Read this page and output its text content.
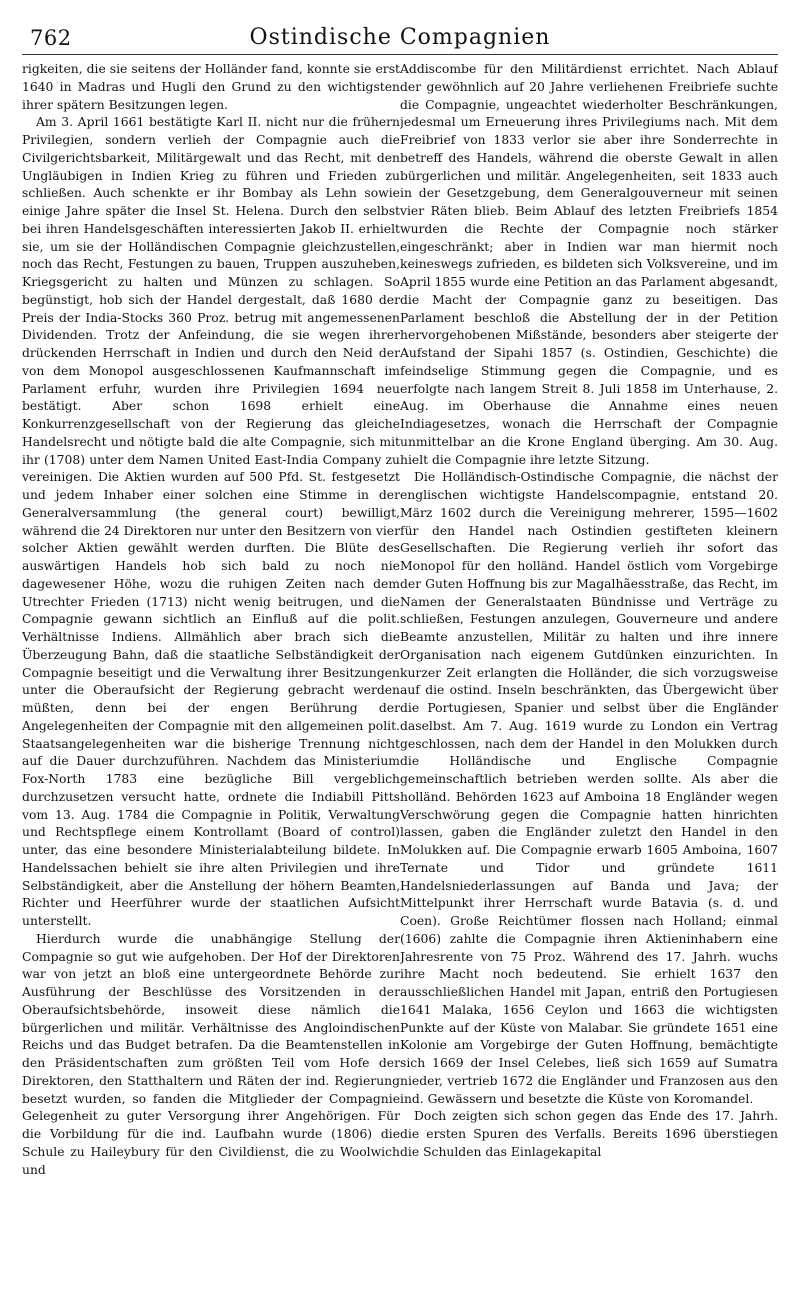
762	Ostindische Compagnien

rigkeiten, die sie seitens der Holländer fand, konnte sie erst 1640 in Madras und Hugli den Grund zu den wichtigsten ihrer spätern Besitzungen legen.

Am 3. April 1661 bestätigte Karl II. nicht nur die frühern Privilegien, sondern verlieh der Compagnie auch die Civilgerichtsbarkeit, Militärgewalt und das Recht, mit den Ungläubigen in Indien Krieg zu führen und Frieden zu schließen. Auch schenkte er ihr Bombay als Lehn sowie einige Jahre später die Insel St. Helena. Durch den selbst bei ihren Handelsgeschäften interessierten Jakob II. erhielt sie, um sie der Holländischen Compagnie gleichzustellen, noch das Recht, Festungen zu bauen, Truppen auszuheben, Kriegsgericht zu halten und Münzen zu schlagen. So begünstigt, hob sich der Handel dergestalt, daß 1680 der Preis der India-Stocks 360 Proz. betrug mit angemessenen Dividenden. Trotz der Anfeindung, die sie wegen ihrer drückenden Herrschaft in Indien und durch den Neid der von dem Monopol ausgeschlossenen Kaufmannschaft im Parlament erfuhr, wurden ihre Privilegien 1694 neu bestätigt. Aber schon 1698 erhielt eine Konkurrenzgesellschaft von der Regierung das gleiche Handelsrecht und nötigte bald die alte Compagnie, sich mit ihr (1708) unter dem Namen United East-India Company zu vereinigen. Die Aktien wurden auf 500 Pfd. St. festgesetzt und jedem Inhaber einer solchen eine Stimme in der Generalversammlung (the general court) bewilligt, während die 24 Direktoren nur unter den Besitzern von vier solcher Aktien gewählt werden durften. Die Blüte des auswärtigen Handels hob sich bald zu noch nie dagewesener Höhe, wozu die ruhigen Zeiten nach dem Utrechter Frieden (1713) nicht wenig beitrugen, und die Compagnie gewann sichtlich an Einfluß auf die polit. Verhältnisse Indiens. Allmählich aber brach sich die Überzeugung Bahn, daß die staatliche Selbständigkeit der Compagnie beseitigt und die Verwaltung ihrer Besitzungen unter die Oberaufsicht der Regierung gebracht werden müßten, denn bei der engen Berührung der Angelegenheiten der Compagnie mit den allgemeinen polit. Staatsangelegenheiten war die bisherige Trennung nicht auf die Dauer durchzuführen. Nachdem das Ministerium Fox-North 1783 eine bezügliche Bill vergeblich durchzusetzen versucht hatte, ordnete die Indiabill Pitts vom 13. Aug. 1784 die Compagnie in Politik, Verwaltung und Rechtspflege einem Kontrollamt (Board of control) unter, das eine besondere Ministerialabteilung bildete. In Handelssachen behielt sie ihre alten Privilegien und ihre Selbständigkeit, aber die Anstellung der höhern Beamten, Richter und Heerführer wurde der staatlichen Aufsicht unterstellt.

Hierdurch wurde die unabhängige Stellung der Compagnie so gut wie aufgehoben. Der Hof der Direktoren war von jetzt an bloß eine untergeordnete Behörde zur Ausführung der Beschlüsse des Vorsitzenden in der Oberaufsichtsbehörde, insoweit diese nämlich die bürgerlichen und militär. Verhältnisse des Angloindischen Reichs und das Budget betrafen. Da die Beamtenstellen in den Präsidentschaften zum größten Teil vom Hofe der Direktoren, den Statthaltern und Räten der ind. Regierung besetzt wurden, so fanden die Mitglieder der Compagnie Gelegenheit zu guter Versorgung ihrer Angehörigen. Für die Vorbildung für die ind. Laufbahn wurde (1806) die Schule zu Haileybury für den Civildienst, die zu Woolwich und

Addiscombe für den Militärdienst errichtet. Nach Ablauf der gewöhnlich auf 20 Jahre verliehenen Freibriefe suchte die Compagnie, ungeachtet wiederholter Beschränkungen, jedesmal um Erneuerung ihres Privilegiums nach. Mit dem Freibrief von 1833 verlor sie aber ihre Sonderrechte in betreff des Handels, während die oberste Gewalt in allen bürgerlichen und militär. Angelegenheiten, seit 1833 auch in der Gesetzgebung, dem Generalgouverneur mit seinen vier Räten blieb. Beim Ablauf des letzten Freibriefs 1854 wurden die Rechte der Compagnie noch stärker eingeschränkt; aber in Indien war man hiermit noch keineswegs zufrieden, es bildeten sich Volksvereine, und im April 1855 wurde eine Petition an das Parlament abgesandt, die Macht der Compagnie ganz zu beseitigen. Das Parlament beschloß die Abstellung der in der Petition hervorgehobenen Mißstände, besonders aber steigerte der Aufstand der Sipahi 1857 (s. Ostindien, Geschichte) die feindselige Stimmung gegen die Compagnie, und es erfolgte nach langem Streit 8. Juli 1858 im Unterhause, 2. Aug. im Oberhause die Annahme eines neuen Indiagesetzes, wonach die Herrschaft der Compagnie unmittelbar an die Krone England überging. Am 30. Aug. hielt die Compagnie ihre letzte Sitzung.

Die Holländisch-Ostindische Compagnie, die nächst der englischen wichtigste Handelscompagnie, entstand 20. März 1602 durch die Vereinigung mehrerer, 1595—1602 für den Handel nach Ostindien gestifteten kleinern Gesellschaften. Die Regierung verlieh ihr sofort das Monopol für den holländ. Handel östlich vom Vorgebirge der Guten Hoffnung bis zur Magalhãesstraße, das Recht, im Namen der Generalstaaten Bündnisse und Verträge zu schließen, Festungen anzulegen, Gouverneure und andere Beamte anzustellen, Militär zu halten und ihre innere Organisation nach eigenem Gutdünken einzurichten. In kurzer Zeit erlangten die Holländer, die sich vorzugsweise auf die ostind. Inseln beschränkten, das Übergewicht über die Portugiesen, Spanier und selbst über die Engländer daselbst. Am 7. Aug. 1619 wurde zu London ein Vertrag geschlossen, nach dem der Handel in den Molukken durch die Holländische und Englische Compagnie gemeinschaftlich betrieben werden sollte. Als aber die holländ. Behörden 1623 auf Amboina 18 Engländer wegen Verschwörung gegen die Compagnie hatten hinrichten lassen, gaben die Engländer zuletzt den Handel in den Molukken auf. Die Compagnie erwarb 1605 Amboina, 1607 Ternate und Tidor und gründete 1611 Handelsniederlassungen auf Banda und Java; der Mittelpunkt ihrer Herrschaft wurde Batavia (s. d. und Coen). Große Reichtümer flossen nach Holland; einmal (1606) zahlte die Compagnie ihren Aktieninhabern eine Jahresrente von 75 Proz. Während des 17. Jahrh. wuchs ihre Macht noch bedeutend. Sie erhielt 1637 den ausschließlichen Handel mit Japan, entriß den Portugiesen 1641 Malaka, 1656 Ceylon und 1663 die wichtigsten Punkte auf der Küste von Malabar. Sie gründete 1651 eine Kolonie am Vorgebirge der Guten Hoffnung, bemächtigte sich 1669 der Insel Celebes, ließ sich 1659 auf Sumatra nieder, vertrieb 1672 die Engländer und Franzosen aus den ind. Gewässern und besetzte die Küste von Koromandel.

Doch zeigten sich schon gegen das Ende des 17. Jahrh. die ersten Spuren des Verfalls. Bereits 1696 überstiegen die Schulden das Einlagekapital
